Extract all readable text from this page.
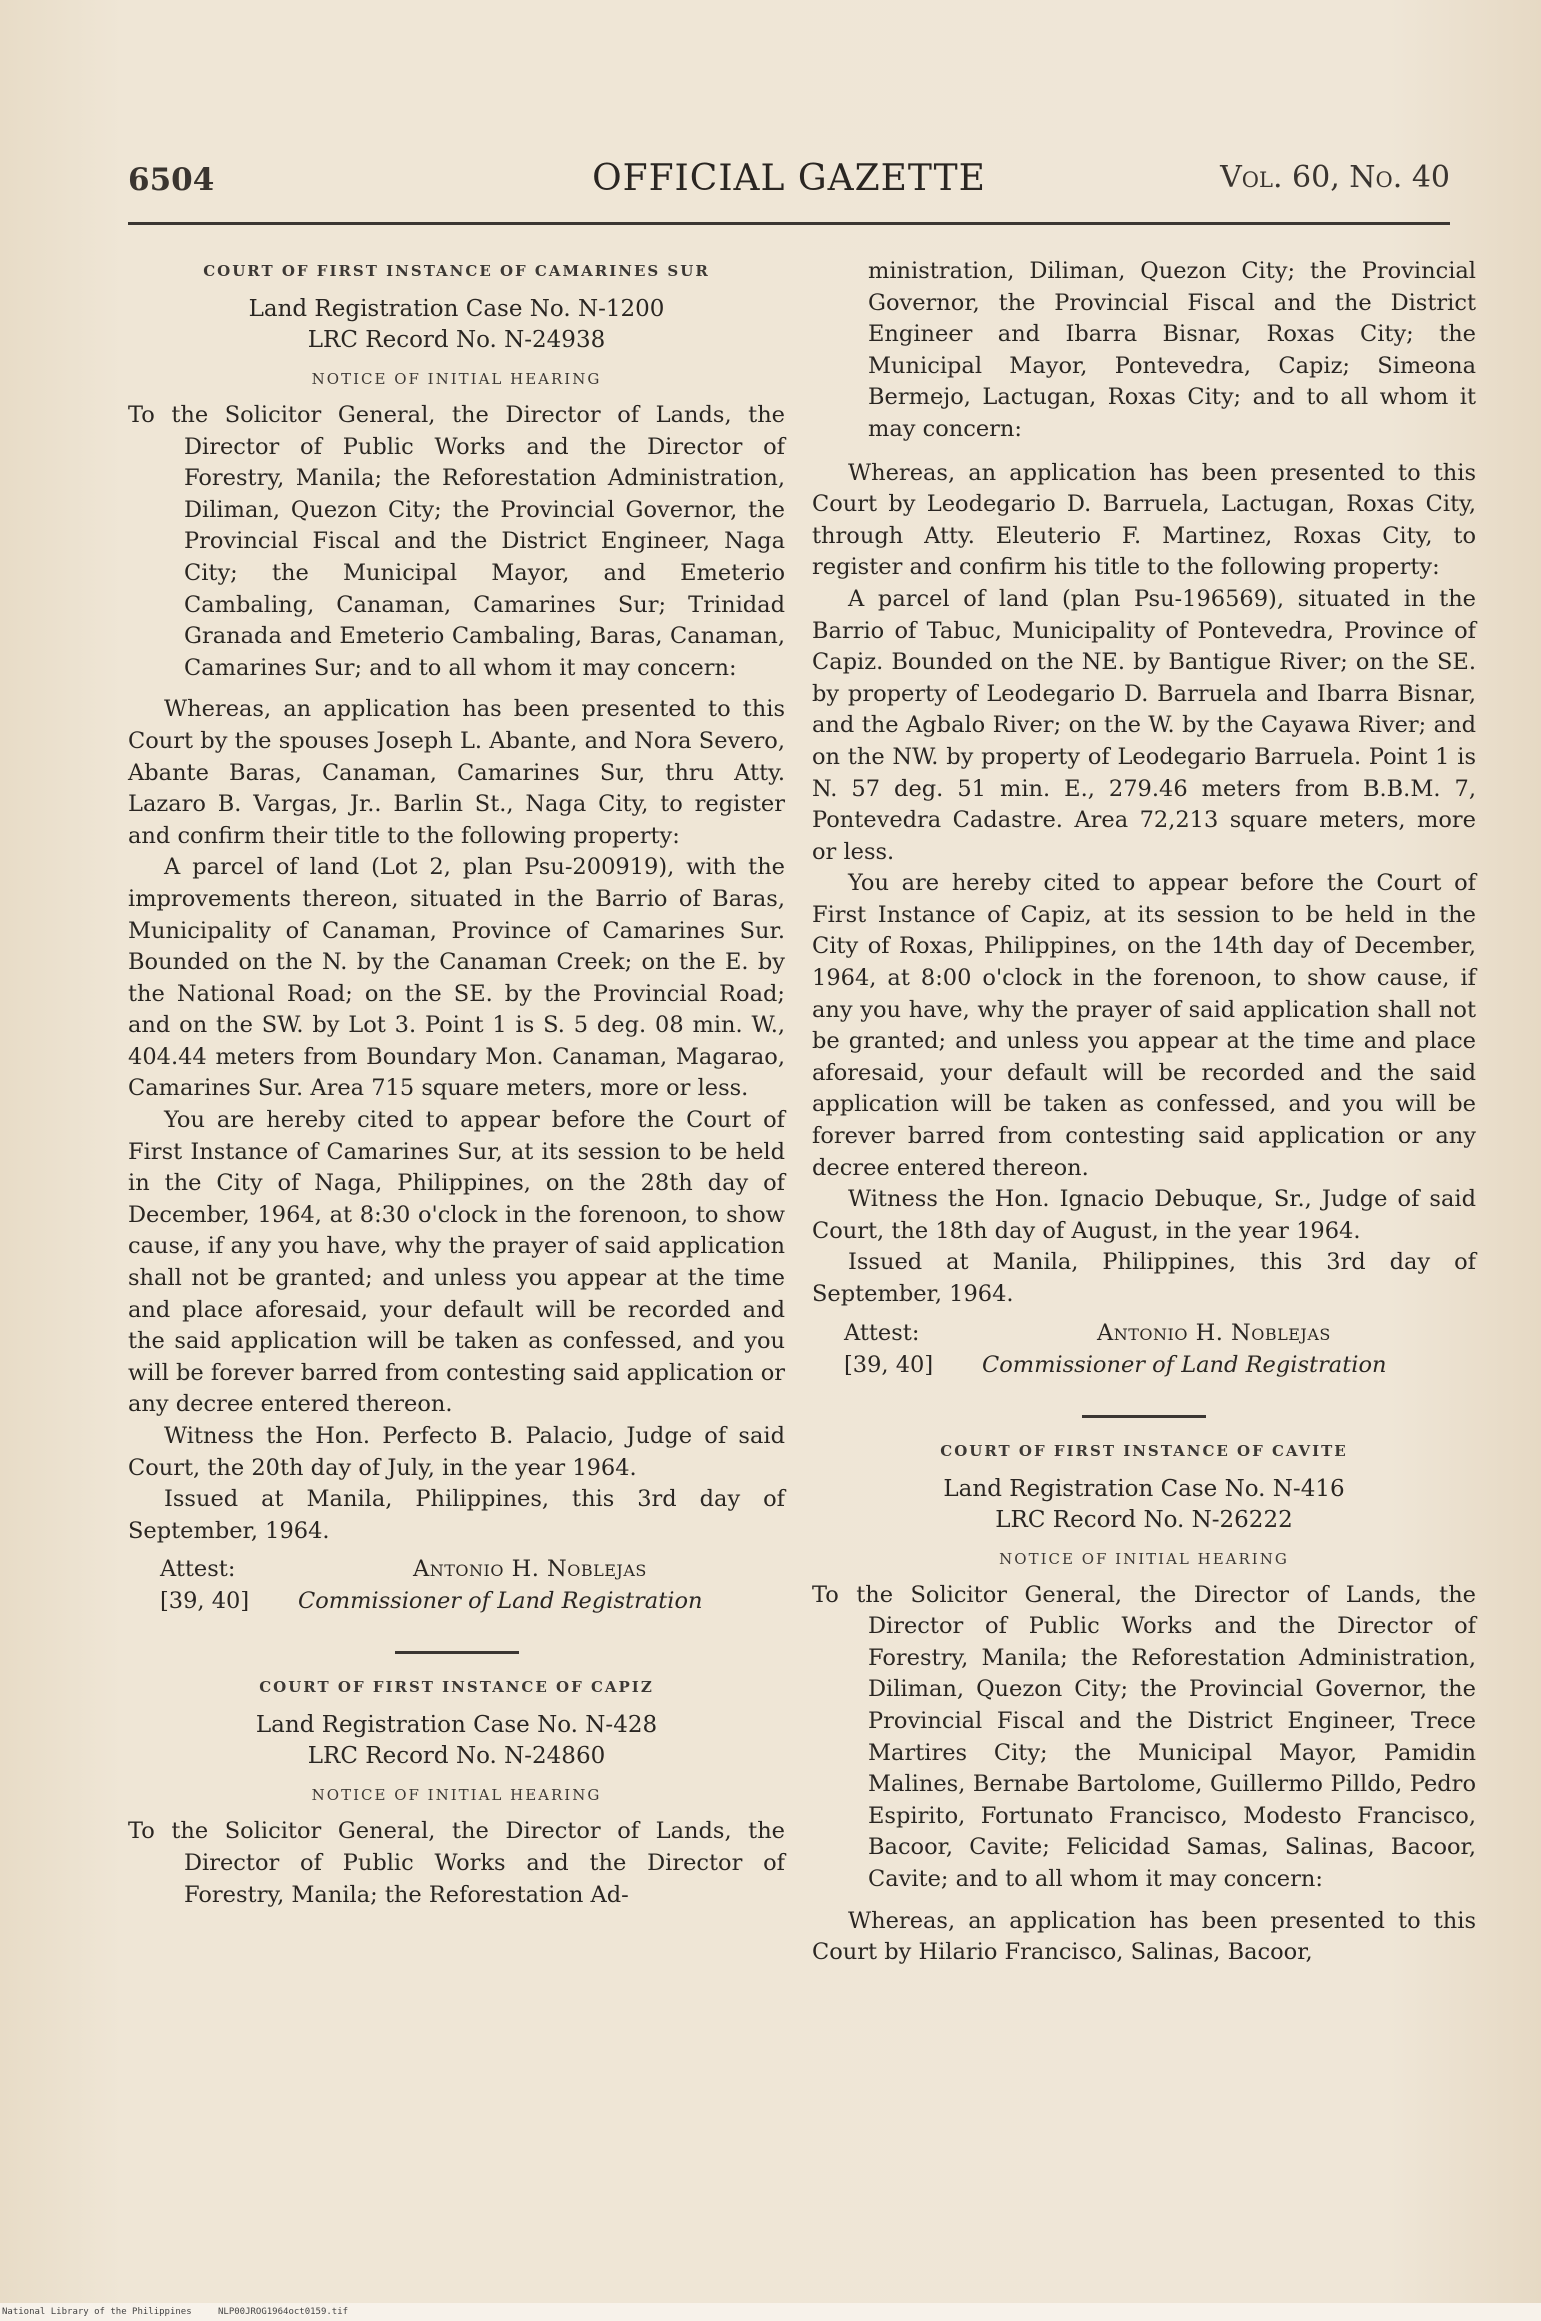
6504	OFFICIAL GAZETTE	Vol. 60, No. 40
COURT OF FIRST INSTANCE OF CAMARINES SUR
Land Registration Case No. N-1200
LRC Record No. N-24938
NOTICE OF INITIAL HEARING
To the Solicitor General, the Director of Lands, the Director of Public Works and the Director of Forestry, Manila; the Reforestation Administration, Diliman, Quezon City; the Provincial Governor, the Provincial Fiscal and the District Engineer, Naga City; the Municipal Mayor, and Emeterio Cambaling, Canaman, Camarines Sur; Trinidad Granada and Emeterio Cambaling, Baras, Canaman, Camarines Sur; and to all whom it may concern:

Whereas, an application has been presented to this Court by the spouses Joseph L. Abante, and Nora Severo, Abante Baras, Canaman, Camarines Sur, thru Atty. Lazaro B. Vargas, Jr.. Barlin St., Naga City, to register and confirm their title to the following property:

A parcel of land (Lot 2, plan Psu-200919), with the improvements thereon, situated in the Barrio of Baras, Municipality of Canaman, Province of Camarines Sur. Bounded on the N. by the Canaman Creek; on the E. by the National Road; on the SE. by the Provincial Road; and on the SW. by Lot 3. Point 1 is S. 5 deg. 08 min. W., 404.44 meters from Boundary Mon. Canaman, Magarao, Camarines Sur. Area 715 square meters, more or less.

You are hereby cited to appear before the Court of First Instance of Camarines Sur, at its session to be held in the City of Naga, Philippines, on the 28th day of December, 1964, at 8:30 o'clock in the forenoon, to show cause, if any you have, why the prayer of said application shall not be granted; and unless you appear at the time and place aforesaid, your default will be recorded and the said application will be taken as confessed, and you will be forever barred from contesting said application or any decree entered thereon.

Witness the Hon. Perfecto B. Palacio, Judge of said Court, the 20th day of July, in the year 1964.

Issued at Manila, Philippines, this 3rd day of September, 1964.

Attest:
[39, 40]
Antonio H. Noblejas
Commissioner of Land Registration
COURT OF FIRST INSTANCE OF CAPIZ
Land Registration Case No. N-428
LRC Record No. N-24860
NOTICE OF INITIAL HEARING
To the Solicitor General, the Director of Lands, the Director of Public Works and the Director of Forestry, Manila; the Reforestation Ad-
ministration, Diliman, Quezon City; the Provincial Governor, the Provincial Fiscal and the District Engineer and Ibarra Bisnar, Roxas City; the Municipal Mayor, Pontevedra, Capiz; Simeona Bermejo, Lactugan, Roxas City; and to all whom it may concern:

Whereas, an application has been presented to this Court by Leodegario D. Barruela, Lactugan, Roxas City, through Atty. Eleuterio F. Martinez, Roxas City, to register and confirm his title to the following property:

A parcel of land (plan Psu-196569), situated in the Barrio of Tabuc, Municipality of Pontevedra, Province of Capiz. Bounded on the NE. by Bantigue River; on the SE. by property of Leodegario D. Barruela and Ibarra Bisnar, and the Agbalo River; on the W. by the Cayawa River; and on the NW. by property of Leodegario Barruela. Point 1 is N. 57 deg. 51 min. E., 279.46 meters from B.B.M. 7, Pontevedra Cadastre. Area 72,213 square meters, more or less.

You are hereby cited to appear before the Court of First Instance of Capiz, at its session to be held in the City of Roxas, Philippines, on the 14th day of December, 1964, at 8:00 o'clock in the forenoon, to show cause, if any you have, why the prayer of said application shall not be granted; and unless you appear at the time and place aforesaid, your default will be recorded and the said application will be taken as confessed, and you will be forever barred from contesting said application or any decree entered thereon.

Witness the Hon. Ignacio Debuque, Sr., Judge of said Court, the 18th day of August, in the year 1964.

Issued at Manila, Philippines, this 3rd day of September, 1964.

Attest:
[39, 40]
Antonio H. Noblejas
Commissioner of Land Registration
COURT OF FIRST INSTANCE OF CAVITE
Land Registration Case No. N-416
LRC Record No. N-26222
NOTICE OF INITIAL HEARING
To the Solicitor General, the Director of Lands, the Director of Public Works and the Director of Forestry, Manila; the Reforestation Administration, Diliman, Quezon City; the Provincial Governor, the Provincial Fiscal and the District Engineer, Trece Martires City; the Municipal Mayor, Pamidin Malines, Bernabe Bartolome, Guillermo Pilldo, Pedro Espirito, Fortunato Francisco, Modesto Francisco, Bacoor, Cavite; Felicidad Samas, Salinas, Bacoor, Cavite; and to all whom it may concern:

Whereas, an application has been presented to this Court by Hilario Francisco, Salinas, Bacoor,

National Library of the Philippines	NLP00JROG1964oct0159.tif
